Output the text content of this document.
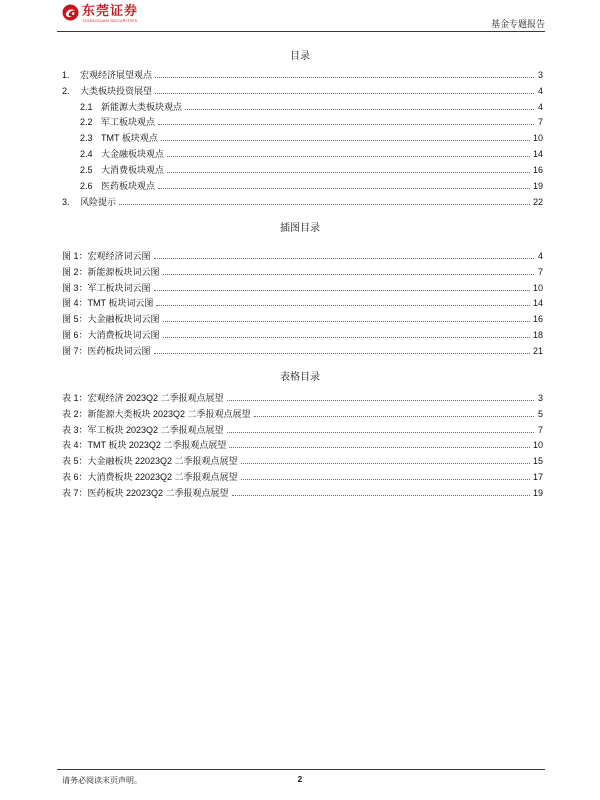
东莞证券
DONGGUAN SECURITIES	基金专题报告
目录
1.	宏观经济展望观点	3
2.	大类板块投资展望	4
2.1 新能源大类板块观点	4
2.2 军工板块观点	7
2.3 TMT 板块观点	10
2.4 大金融板块观点	14
2.5 大消费板块观点	16
2.6 医药板块观点	19
3.	风险提示	22
插图目录
图 1：宏观经济词云图	4
图 2：新能源板块词云图	7
图 3：军工板块词云图	10
图 4：TMT 板块词云图	14
图 5：大金融板块词云图	16
图 6：大消费板块词云图	18
图 7：医药板块词云图	21
表格目录
表 1：宏观经济 2023Q2 二季报观点展望	3
表 2：新能源大类板块 2023Q2 二季报观点展望	5
表 3：军工板块 2023Q2 二季报观点展望	7
表 4：TMT 板块 2023Q2 二季报观点展望	10
表 5：大金融板块 22023Q2 二季报观点展望	15
表 6：大消费板块 22023Q2 二季报观点展望	17
表 7：医药板块 22023Q2 二季报观点展望	19
请务必阅读末页声明。	2
